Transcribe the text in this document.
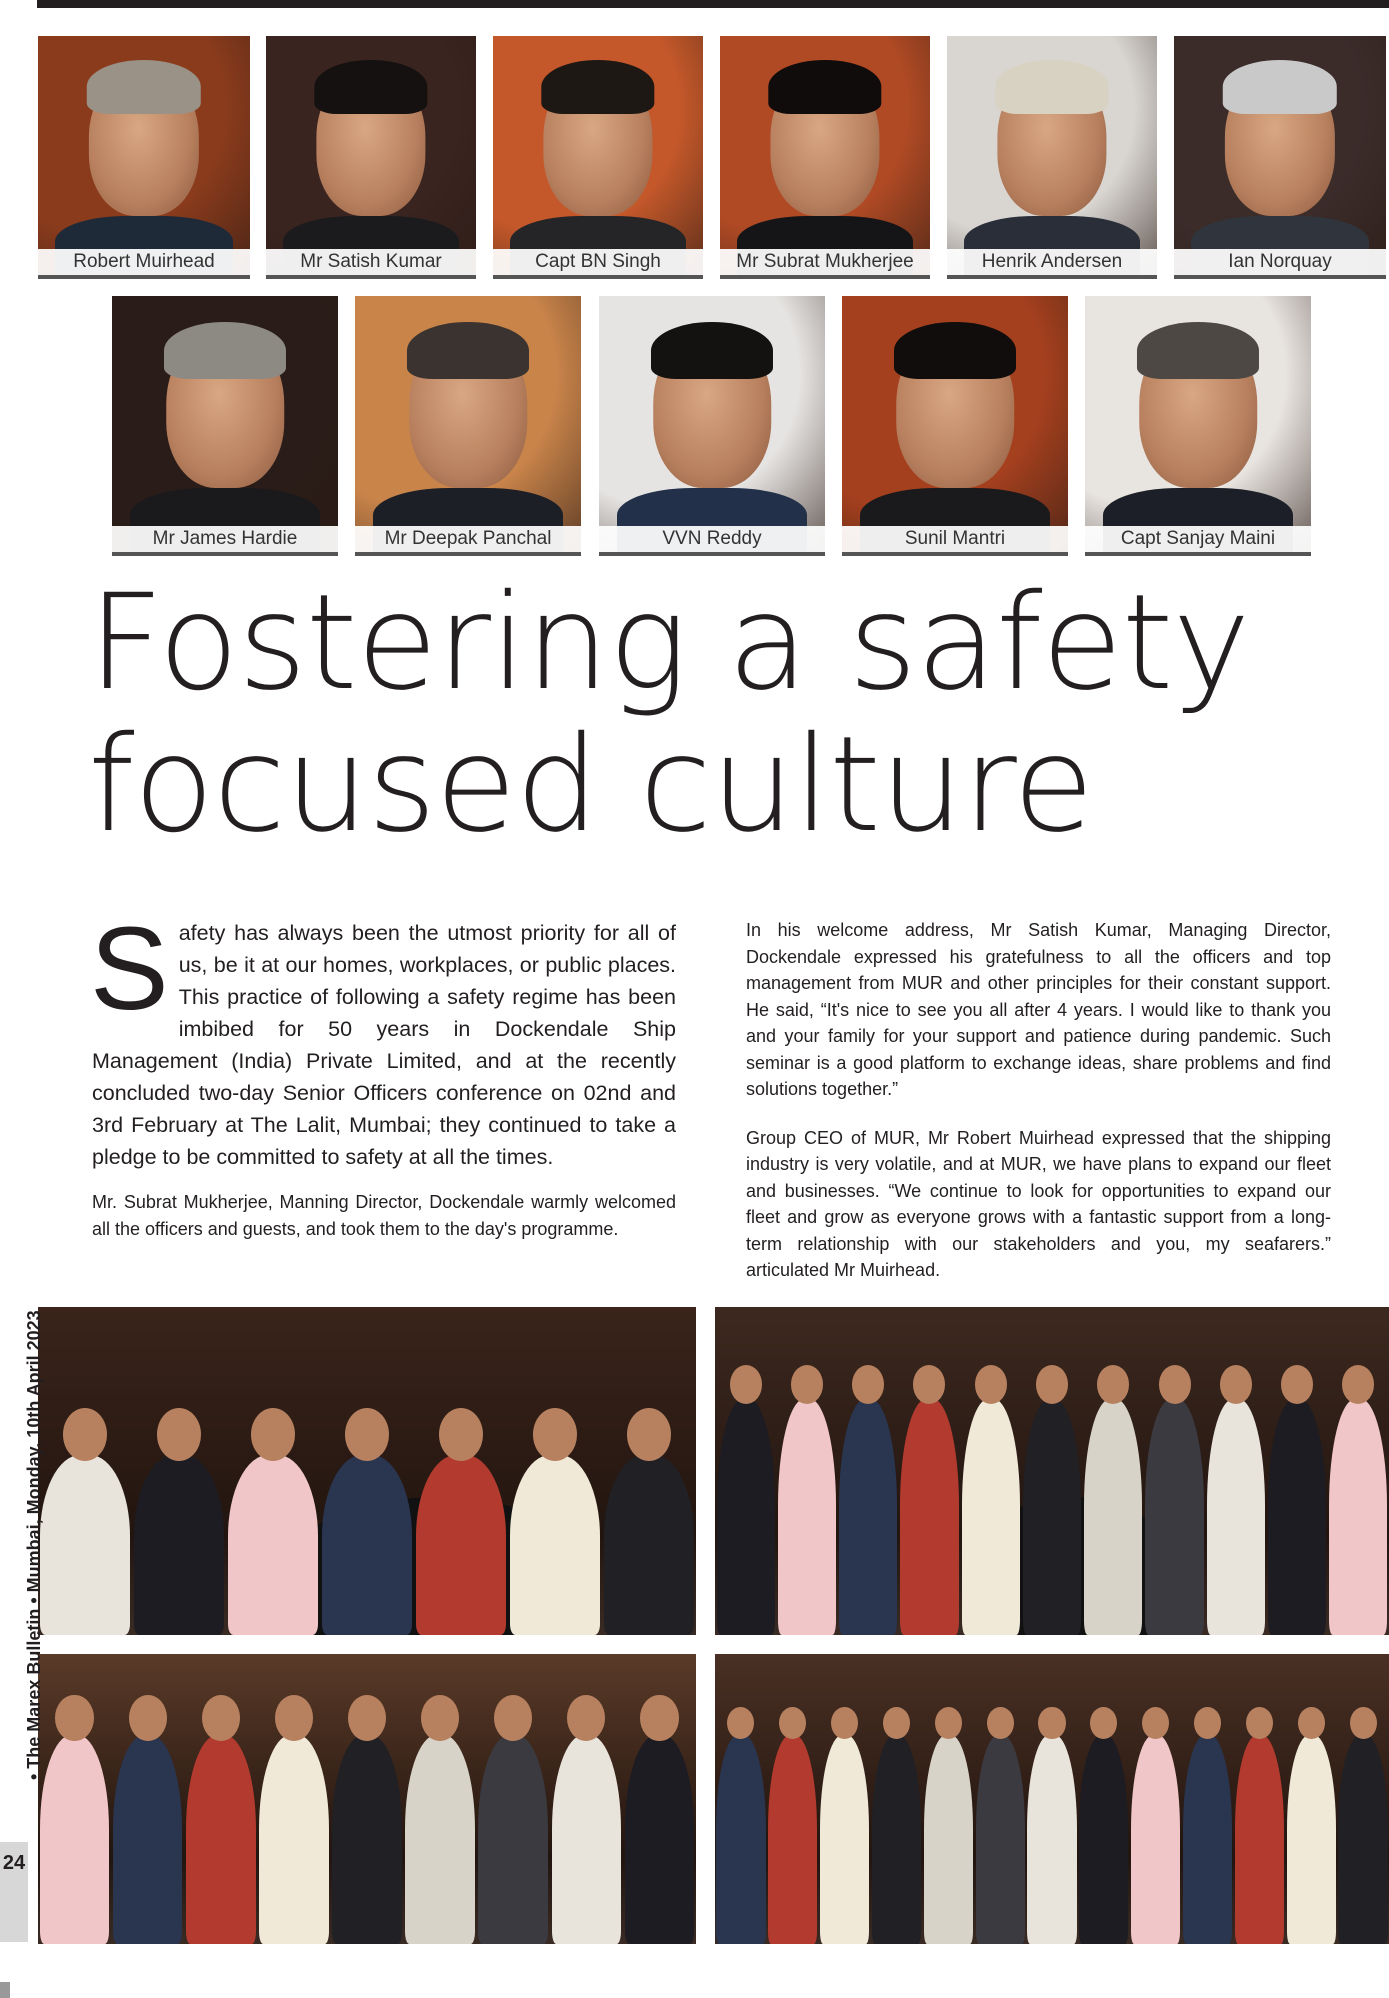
Robert Muirhead	Mr Satish Kumar	Capt BN Singh	Mr Subrat Mukherjee	Henrik Andersen	Ian Norquay
Mr James Hardie	Mr Deepak Panchal	VVN Reddy	Sunil Mantri	Capt Sanjay Maini
Fostering a safety
focused culture

Safety has always been the utmost priority for all of us, be it at our homes, workplaces, or public places. This practice of following a safety regime has been imbibed for 50 years in Dockendale Ship Management (India) Private Limited, and at the recently concluded two-day Senior Officers conference on 02nd and 3rd February at The Lalit, Mumbai; they continued to take a pledge to be committed to safety at all the times.

Mr. Subrat Mukherjee, Manning Director, Dockendale warmly welcomed all the officers and guests, and took them to the day's programme.

In his welcome address, Mr Satish Kumar, Managing Director, Dockendale expressed his gratefulness to all the officers and top management from MUR and other principles for their constant support. He said, “It's nice to see you all after 4 years. I would like to thank you and your family for your support and patience during pandemic. Such seminar is a good platform to exchange ideas, share problems and find solutions together.”

Group CEO of MUR, Mr Robert Muirhead expressed that the shipping industry is very volatile, and at MUR, we have plans to expand our fleet and businesses. “We continue to look for opportunities to expand our fleet and grow as everyone grows with a fantastic support from a long-term relationship with our stakeholders and you, my seafarers.” articulated Mr Muirhead.

• The Marex Bulletin • Mumbai, Monday, 10th April 2023
24
